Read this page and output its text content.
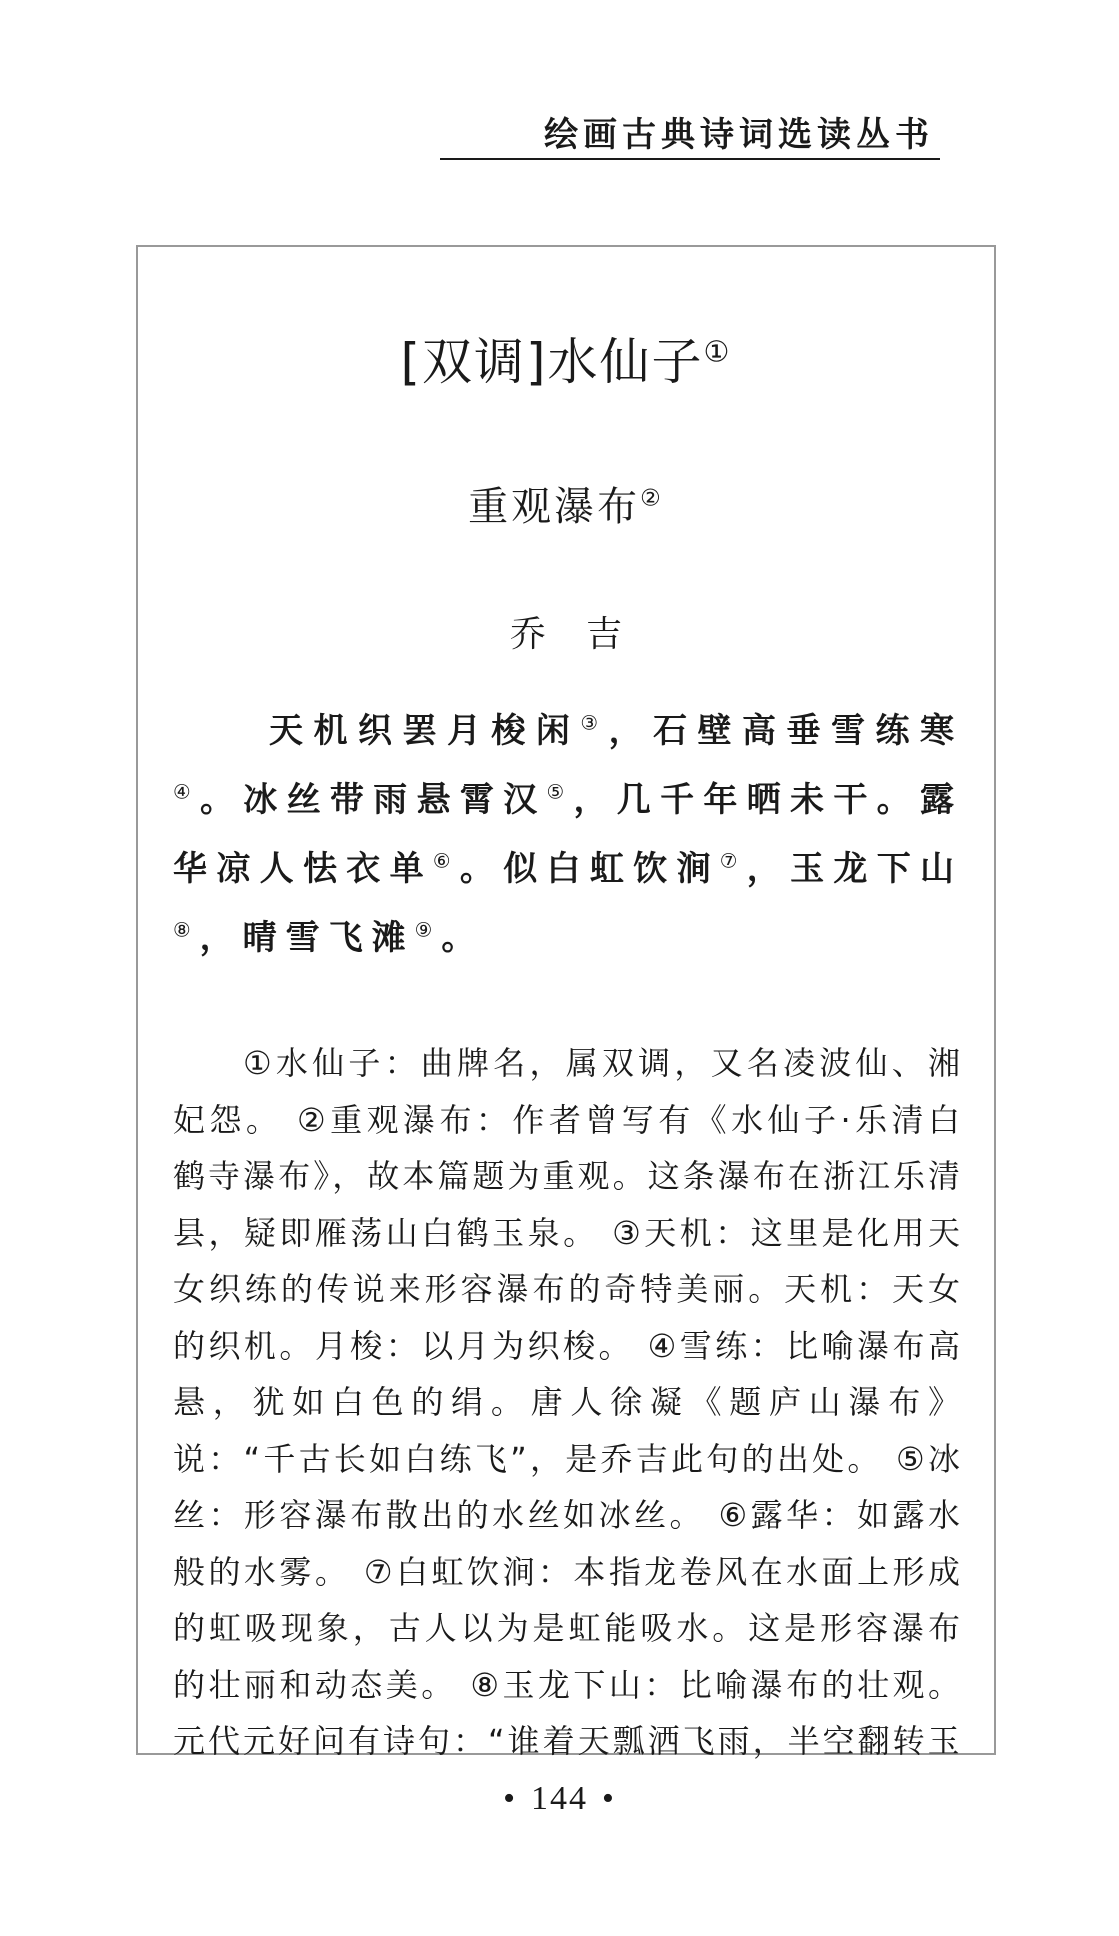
绘画古典诗词选读丛书
[双调]水仙子①
重观瀑布②
乔吉
天机织罢月梭闲③，石壁高垂雪练寒④。冰丝带雨悬霄汉⑤，几千年晒未干。露华凉人怯衣单⑥。似白虹饮涧⑦，玉龙下山⑧，晴雪飞滩⑨。
①水仙子：曲牌名，属双调，又名凌波仙、湘妃怨。 ②重观瀑布：作者曾写有《水仙子·乐清白鹤寺瀑布》，故本篇题为重观。这条瀑布在浙江乐清县，疑即雁荡山白鹤玉泉。 ③天机：这里是化用天女织练的传说来形容瀑布的奇特美丽。天机：天女的织机。月梭：以月为织梭。 ④雪练：比喻瀑布高悬，犹如白色的绢。唐人徐凝《题庐山瀑布》说：“千古长如白练飞”，是乔吉此句的出处。 ⑤冰丝：形容瀑布散出的水丝如冰丝。 ⑥露华：如露水般的水雾。 ⑦白虹饮涧：本指龙卷风在水面上形成的虹吸现象，古人以为是虹能吸水。这是形容瀑布的壮丽和动态美。 ⑧玉龙下山：比喻瀑布的壮观。元代元好问有诗句：“谁着天瓢洒飞雨，半空翻转玉
• 144 •
